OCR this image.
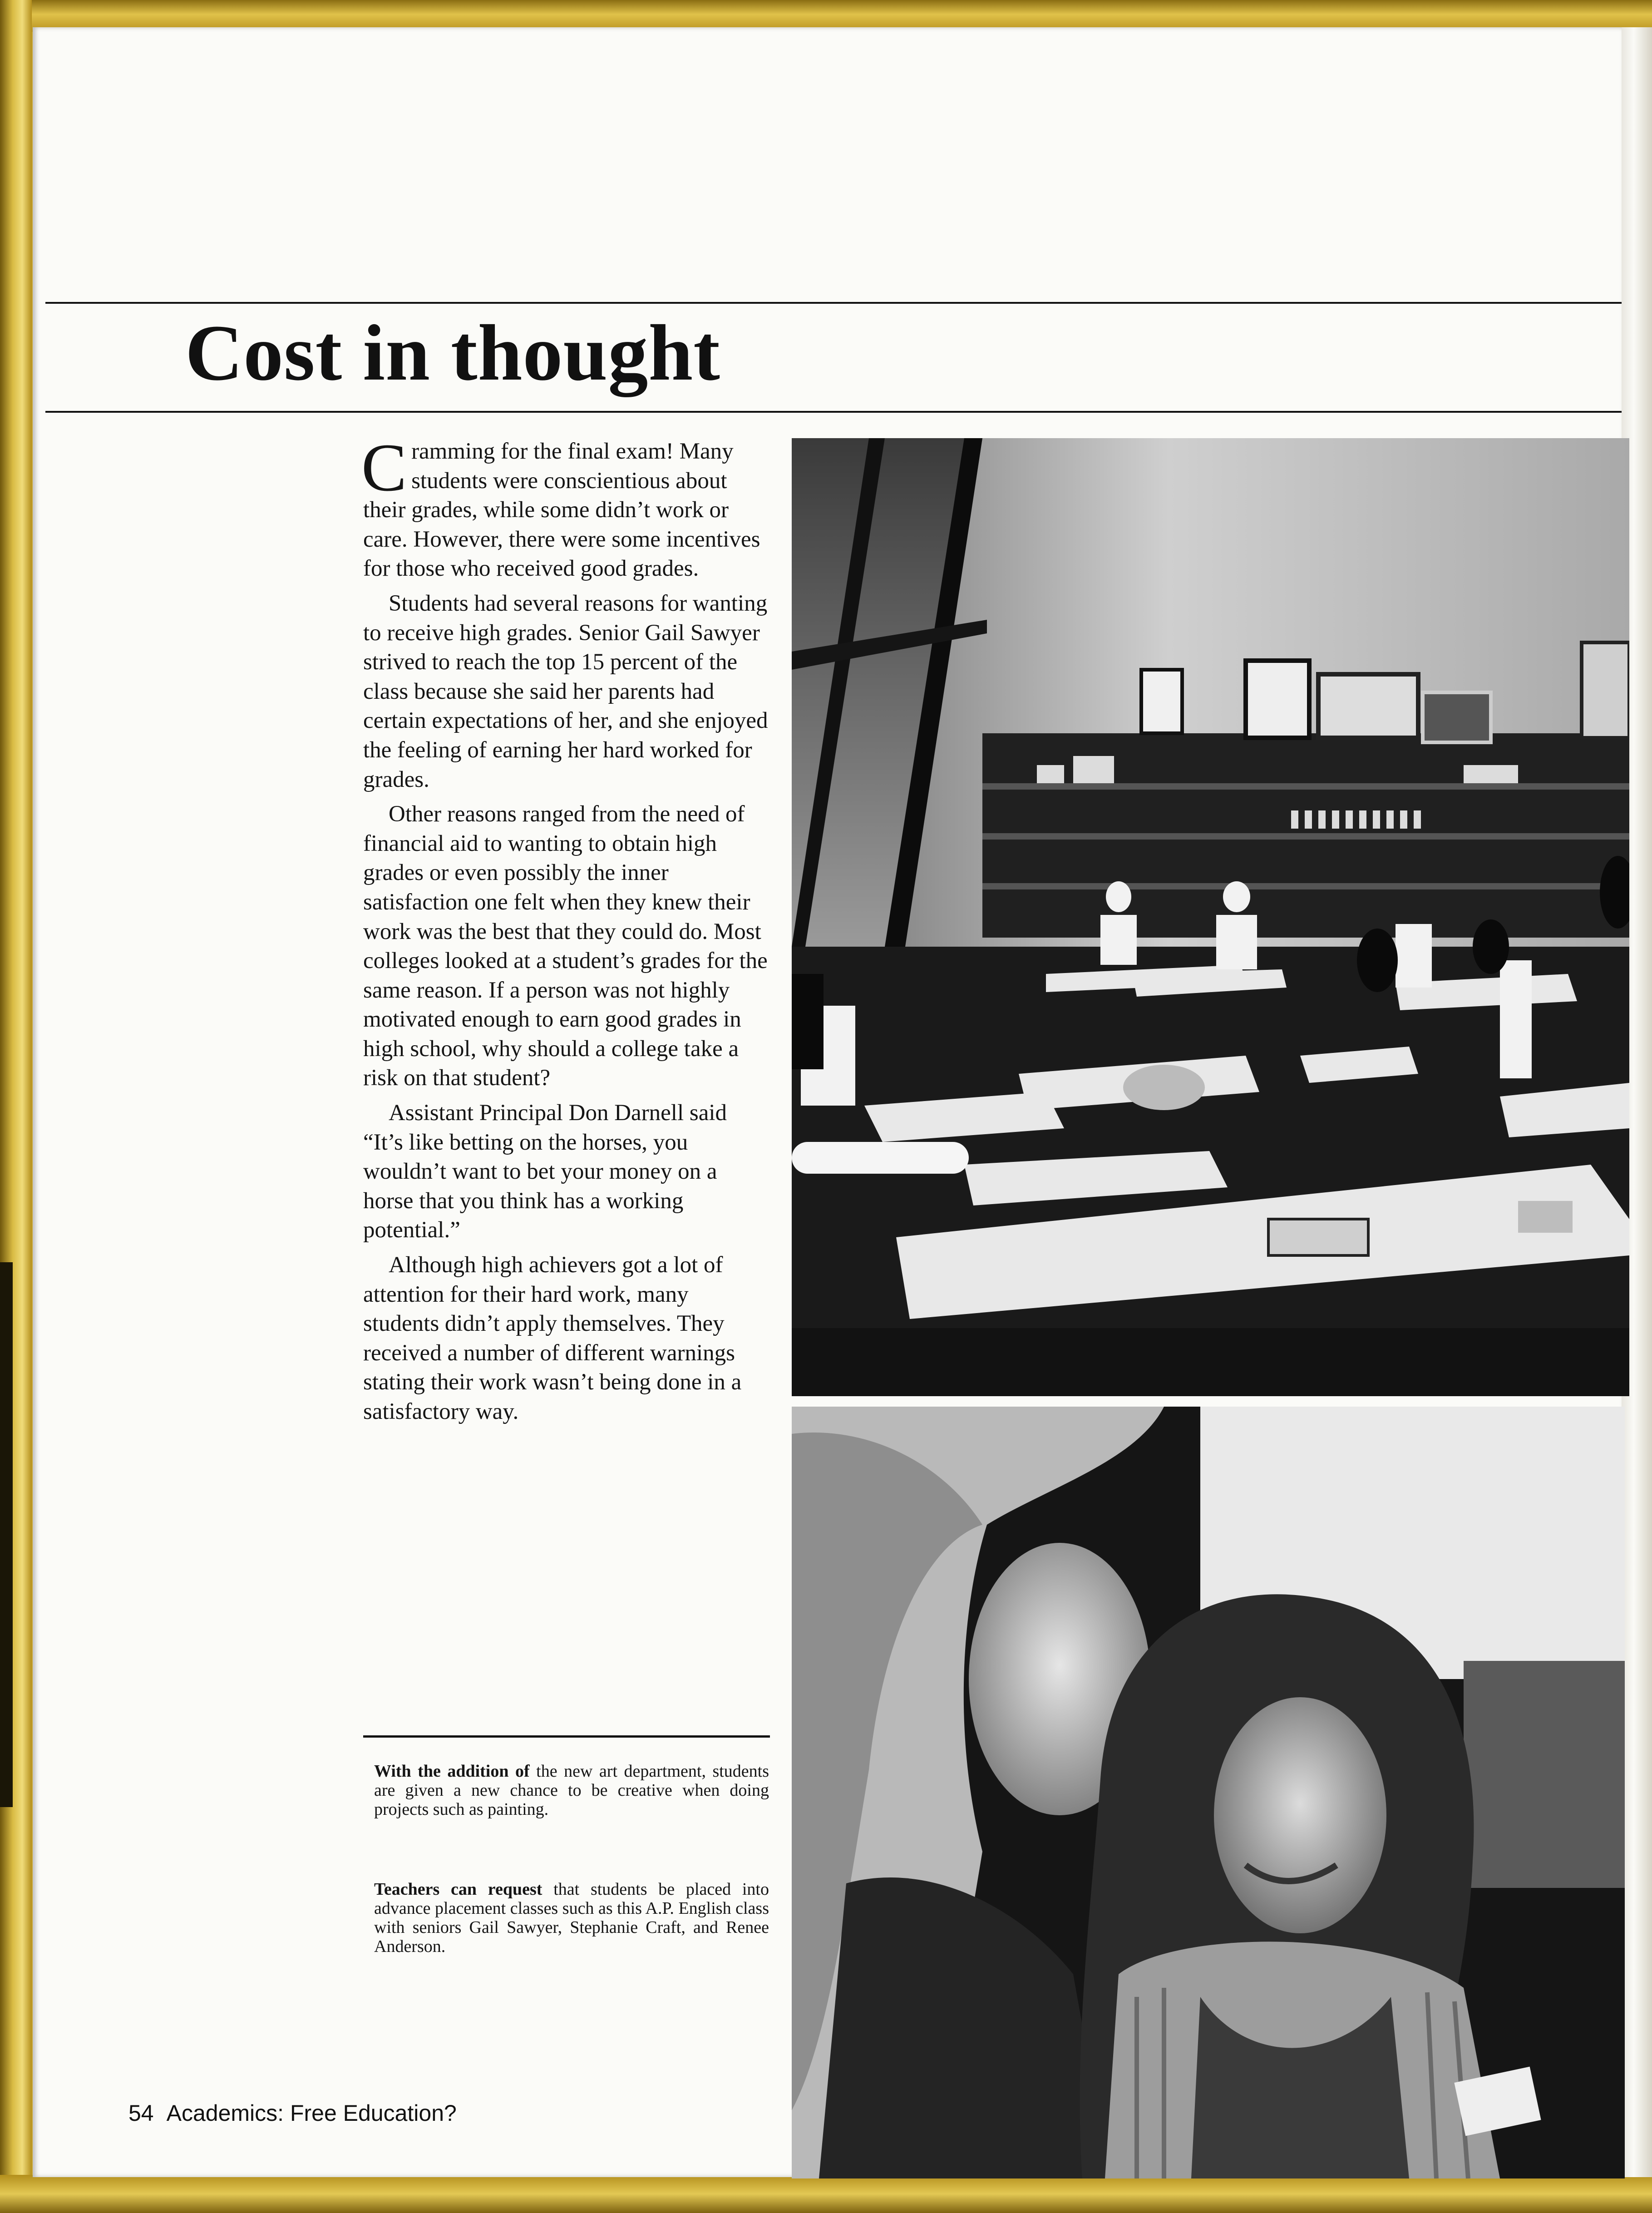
Cost in thought

Cramming for the final exam! Many students were conscientious about their grades, while some didn’t work or care. However, there were some incentives for those who received good grades.

Students had several reasons for wanting to receive high grades. Senior Gail Sawyer strived to reach the top 15 percent of the class because she said her parents had certain expectations of her, and she enjoyed the feeling of earning her hard worked for grades.

Other reasons ranged from the need of financial aid to wanting to obtain high grades or even possibly the inner satisfaction one felt when they knew their work was the best that they could do. Most colleges looked at a student’s grades for the same reason. If a person was not highly motivated enough to earn good grades in high school, why should a college take a risk on that student?

Assistant Principal Don Darnell said “It’s like betting on the horses, you wouldn’t want to bet your money on a horse that you think has a working potential.”

Although high achievers got a lot of attention for their hard work, many students didn’t apply themselves. They received a number of different warnings stating their work wasn’t being done in a satisfactory way.

With the addition of the new art department, students are given a new chance to be creative when doing projects such as painting.
Teachers can request that students be placed into advance placement classes such as this A.P. English class with seniors Gail Sawyer, Stephanie Craft, and Renee Anderson.
54 Academics: Free Education?
